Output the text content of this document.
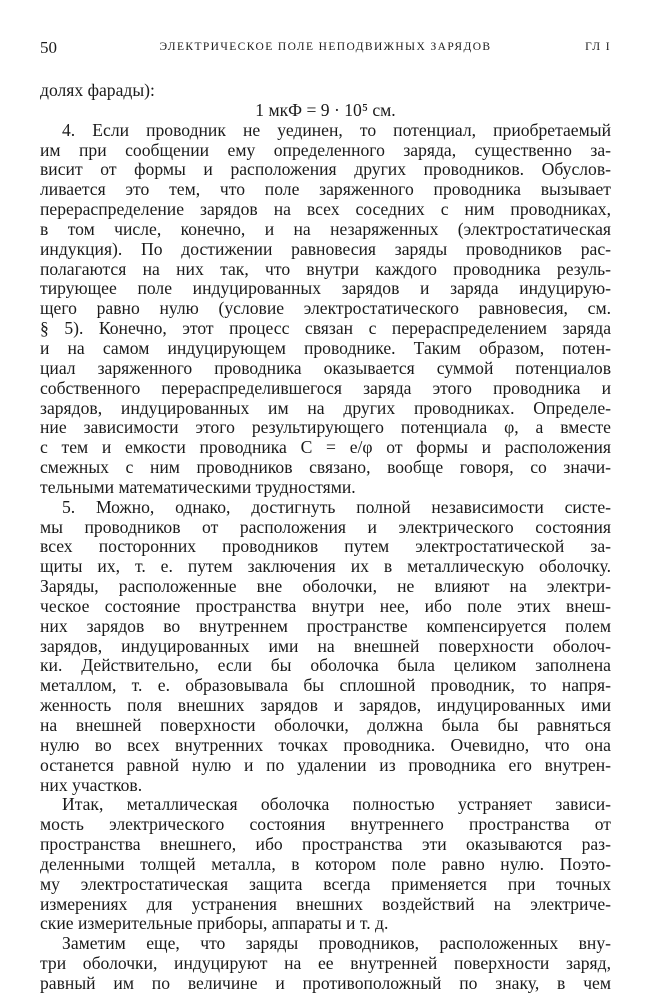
50	ЭЛЕКТРИЧЕСКОЕ ПОЛЕ НЕПОДВИЖНЫХ ЗАРЯДОВ	ГЛ I
долях фарады):
1 мкФ = 9 · 10⁵ см.
4. Если проводник не уединен, то потенциал, приобретаемый
им при сообщении ему определенного заряда, существенно за-
висит от формы и расположения других проводников. Обуслов-
ливается это тем, что поле заряженного проводника вызывает
перераспределение зарядов на всех соседних с ним проводниках,
в том числе, конечно, и на незаряженных (электростатическая
индукция). По достижении равновесия заряды проводников рас-
полагаются на них так, что внутри каждого проводника резуль-
тирующее поле индуцированных зарядов и заряда индуцирую-
щего равно нулю (условие электростатического равновесия, см.
§ 5). Конечно, этот процесс связан с перераспределением заряда
и на самом индуцирующем проводнике. Таким образом, потен-
циал заряженного проводника оказывается суммой потенциалов
собственного перераспределившегося заряда этого проводника и
зарядов, индуцированных им на других проводниках. Определе-
ние зависимости этого результирующего потенциала φ, а вместе
с тем и емкости проводника C = e/φ от формы и расположения
смежных с ним проводников связано, вообще говоря, со значи-
тельными математическими трудностями.
5. Можно, однако, достигнуть полной независимости систе-
мы проводников от расположения и электрического состояния
всех посторонних проводников путем электростатической за-
щиты их, т. е. путем заключения их в металлическую оболочку.
Заряды, расположенные вне оболочки, не влияют на электри-
ческое состояние пространства внутри нее, ибо поле этих внеш-
них зарядов во внутреннем пространстве компенсируется полем
зарядов, индуцированных ими на внешней поверхности оболоч-
ки. Действительно, если бы оболочка была целиком заполнена
металлом, т. е. образовывала бы сплошной проводник, то напря-
женность поля внешних зарядов и зарядов, индуцированных ими
на внешней поверхности оболочки, должна была бы равняться
нулю во всех внутренних точках проводника. Очевидно, что она
останется равной нулю и по удалении из проводника его внутрен-
них участков.
Итак, металлическая оболочка полностью устраняет зависи-
мость электрического состояния внутреннего пространства от
пространства внешнего, ибо пространства эти оказываются раз-
деленными толщей металла, в котором поле равно нулю. Поэто-
му электростатическая защита всегда применяется при точных
измерениях для устранения внешних воздействий на электриче-
ские измерительные приборы, аппараты и т. д.
Заметим еще, что заряды проводников, расположенных вну-
три оболочки, индуцируют на ее внутренней поверхности заряд,
равный им по величине и противоположный по знаку, в чем
